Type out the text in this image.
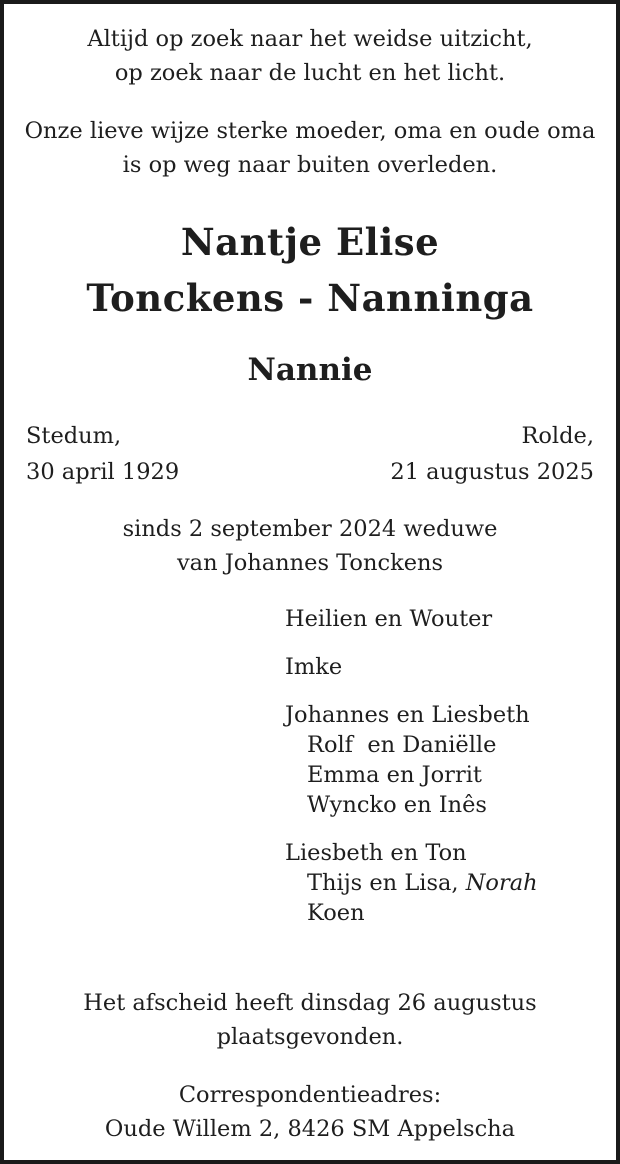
Altijd op zoek naar het weidse uitzicht,
op zoek naar de lucht en het licht.
Onze lieve wijze sterke moeder, oma en oude oma
is op weg naar buiten overleden.
Nantje Elise
Tonckens - Nanninga
Nannie
Stedum,
30 april 1929
Rolde,
21 augustus 2025
sinds 2 september 2024 weduwe
van Johannes Tonckens
Heilien en Wouter
Imke
Johannes en Liesbeth
Rolf  en Daniëlle
Emma en Jorrit
Wyncko en Inês
Liesbeth en Ton
Thijs en Lisa, Norah
Koen
Het afscheid heeft dinsdag 26 augustus
plaatsgevonden.
Correspondentieadres:
Oude Willem 2, 8426 SM Appelscha
